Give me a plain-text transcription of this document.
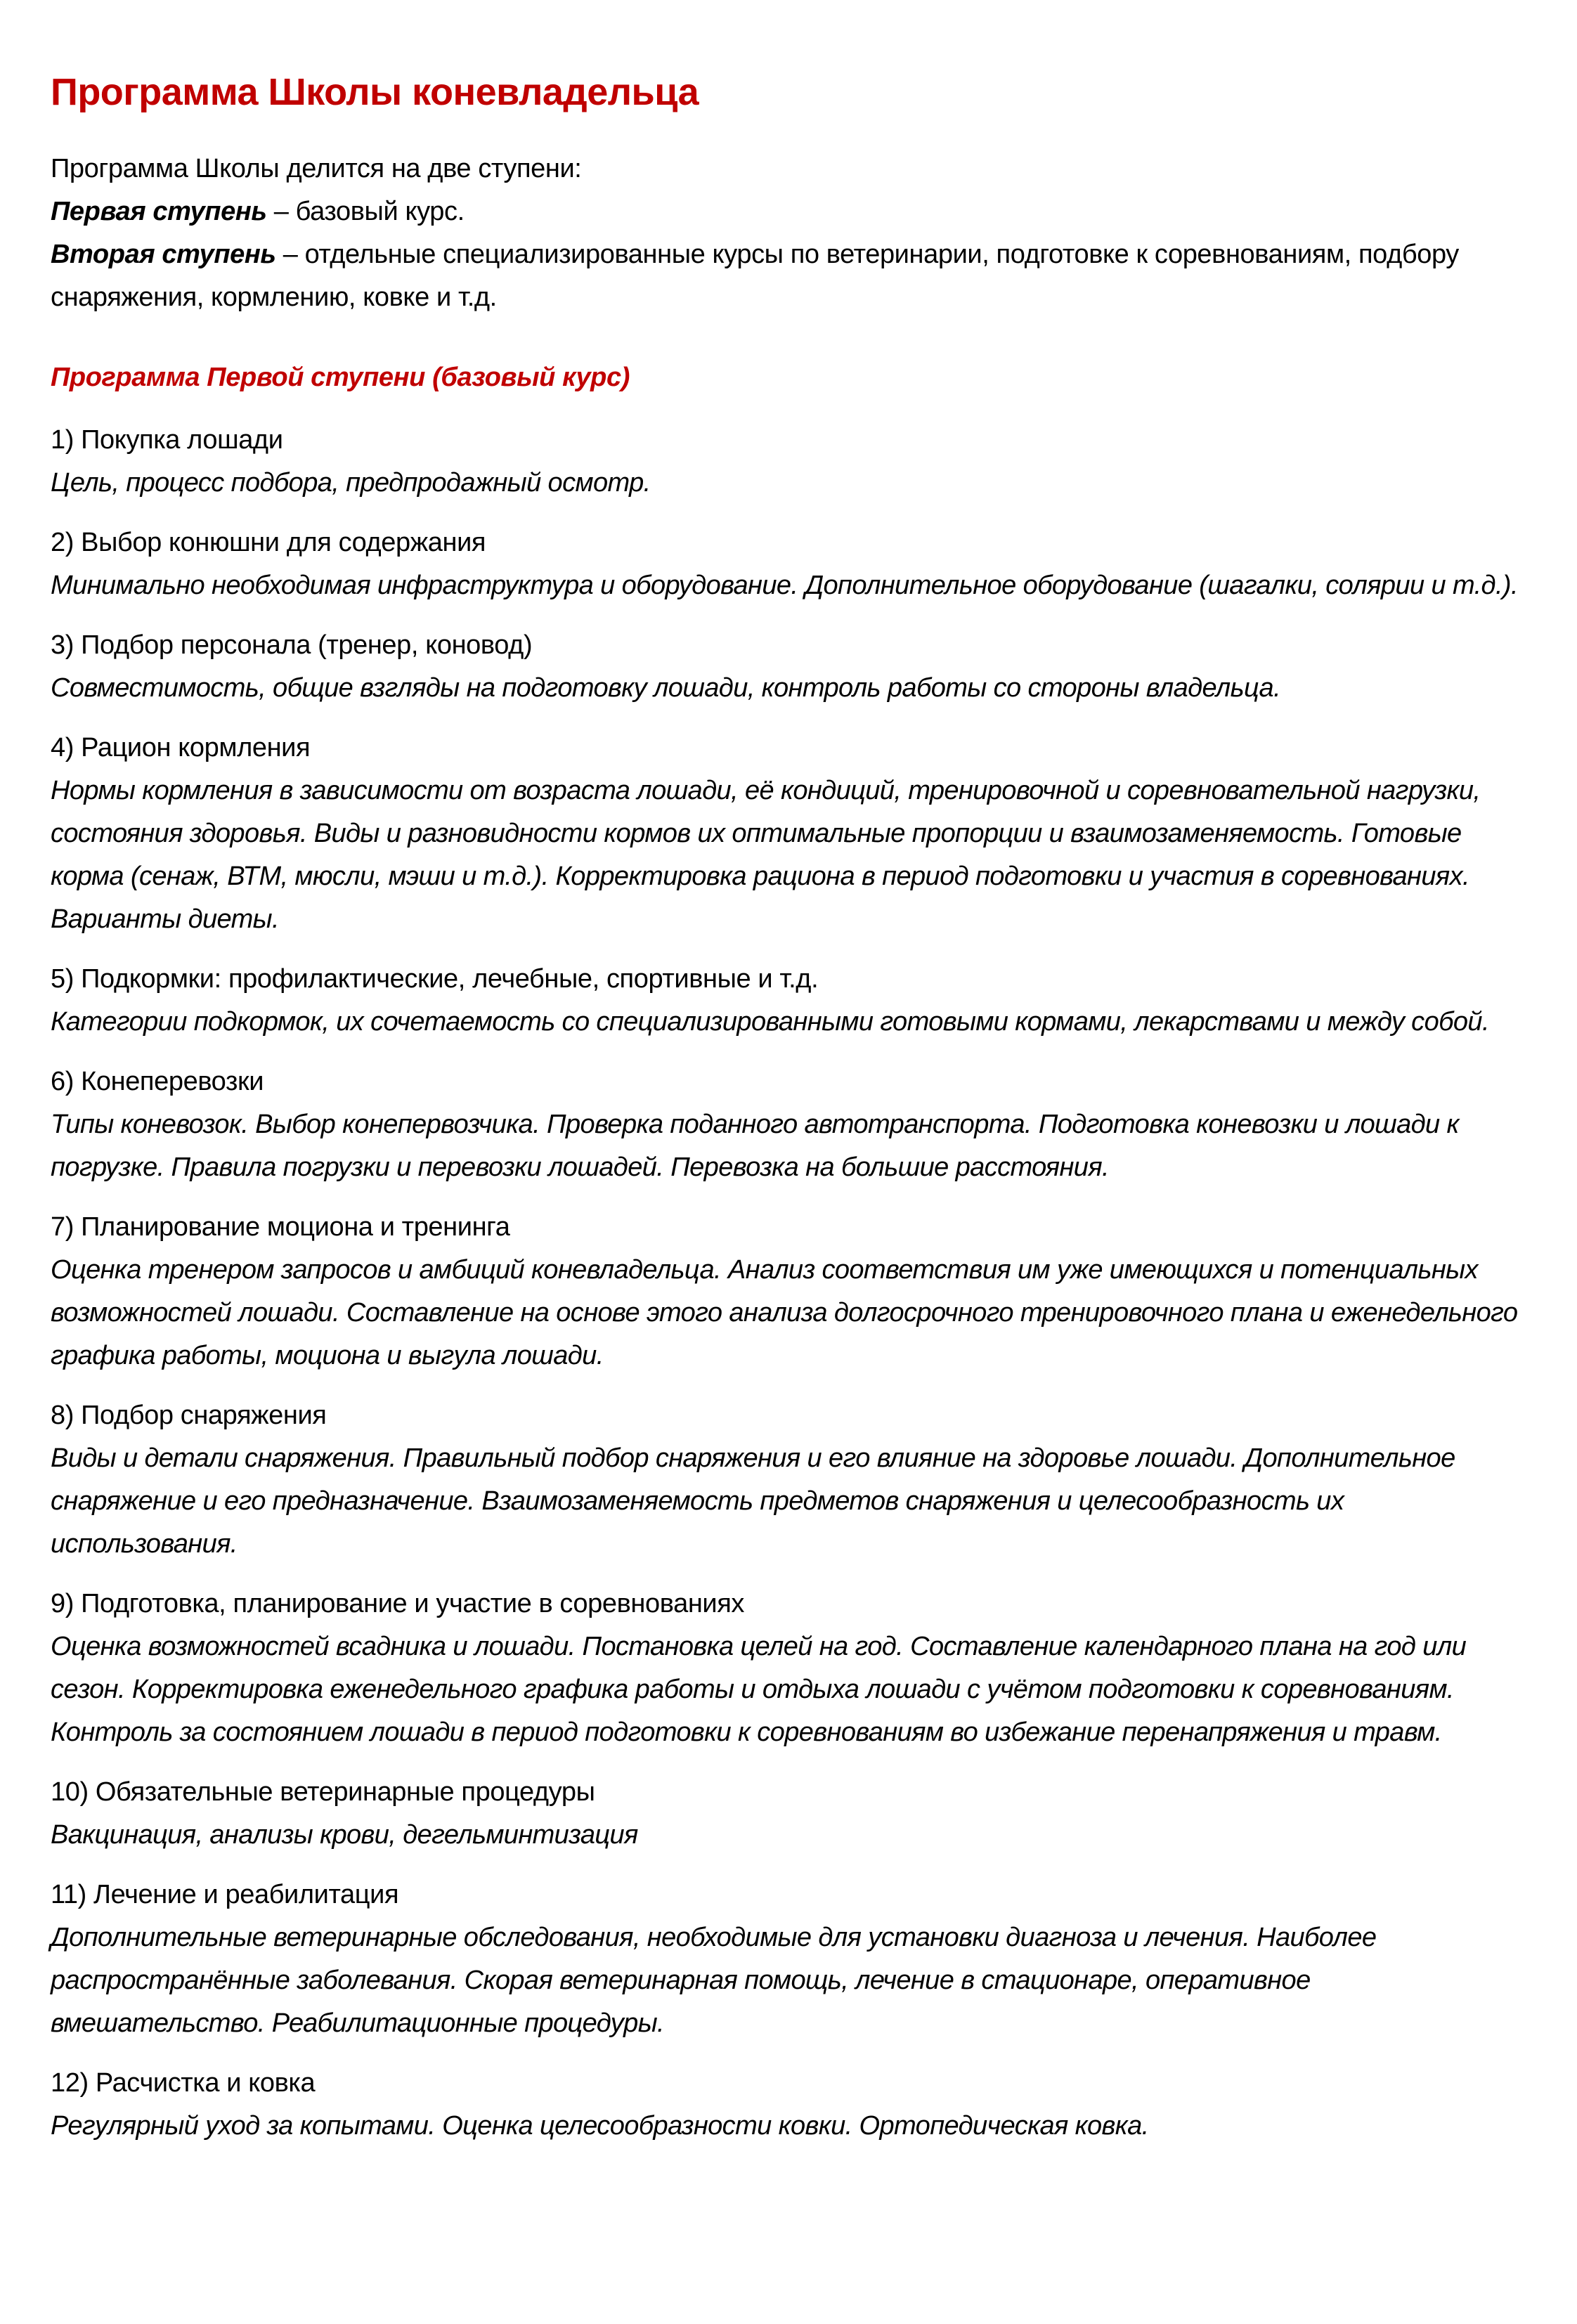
Программа Школы коневладельца

Программа Школы делится на две ступени:

Первая ступень – базовый курс.

Вторая ступень – отдельные специализированные курсы по ветеринарии, подготовке к соревнованиям, подбору снаряжения, кормлению, ковке и т.д.

Программа Первой ступени (базовый курс)

1) Покупка лошади

Цель, процесс подбора, предпродажный осмотр.

2) Выбор конюшни для содержания

Минимально необходимая инфраструктура и оборудование. Дополнительное оборудование (шагалки, солярии и т.д.).

3) Подбор персонала (тренер, коновод)

Совместимость, общие взгляды на подготовку лошади, контроль работы со стороны владельца.

4) Рацион кормления

Нормы кормления в зависимости от возраста лошади, её кондиций, тренировочной и соревновательной нагрузки, состояния здоровья. Виды и разновидности кормов их оптимальные пропорции и взаимозаменяемость. Готовые корма (сенаж, ВТМ, мюсли, мэши и т.д.). Корректировка рациона в период подготовки и участия в соревнованиях. Варианты диеты.

5) Подкормки: профилактические, лечебные, спортивные и т.д.

Категории подкормок, их сочетаемость со специализированными готовыми кормами, лекарствами и между собой.

6) Конеперевозки

Типы коневозок. Выбор конепервозчика. Проверка поданного автотранспорта. Подготовка коневозки и лошади к погрузке. Правила погрузки и перевозки лошадей. Перевозка на большие расстояния.

7) Планирование моциона и тренинга

Оценка тренером запросов и амбиций коневладельца. Анализ соответствия им уже имеющихся и потенциальных возможностей лошади. Составление на основе этого анализа долгосрочного тренировочного плана и еженедельного графика работы, моциона и выгула лошади.

8) Подбор снаряжения

Виды и детали снаряжения. Правильный подбор снаряжения и его влияние на здоровье лошади. Дополнительное снаряжение и его предназначение. Взаимозаменяемость предметов снаряжения и целесообразность их использования.

9) Подготовка, планирование и участие в соревнованиях

Оценка возможностей всадника и лошади. Постановка целей на год. Составление календарного плана на год или сезон. Корректировка еженедельного графика работы и отдыха лошади с учётом подготовки к соревнованиям. Контроль за состоянием лошади в период подготовки к соревнованиям во избежание перенапряжения и травм.

10) Обязательные ветеринарные процедуры

Вакцинация, анализы крови, дегельминтизация

11) Лечение и реабилитация

Дополнительные ветеринарные обследования, необходимые для установки диагноза и лечения. Наиболее распространённые заболевания. Скорая ветеринарная помощь, лечение в стационаре, оперативное вмешательство. Реабилитационные процедуры.

12) Расчистка и ковка

Регулярный уход за копытами. Оценка целесообразности ковки. Ортопедическая ковка.
